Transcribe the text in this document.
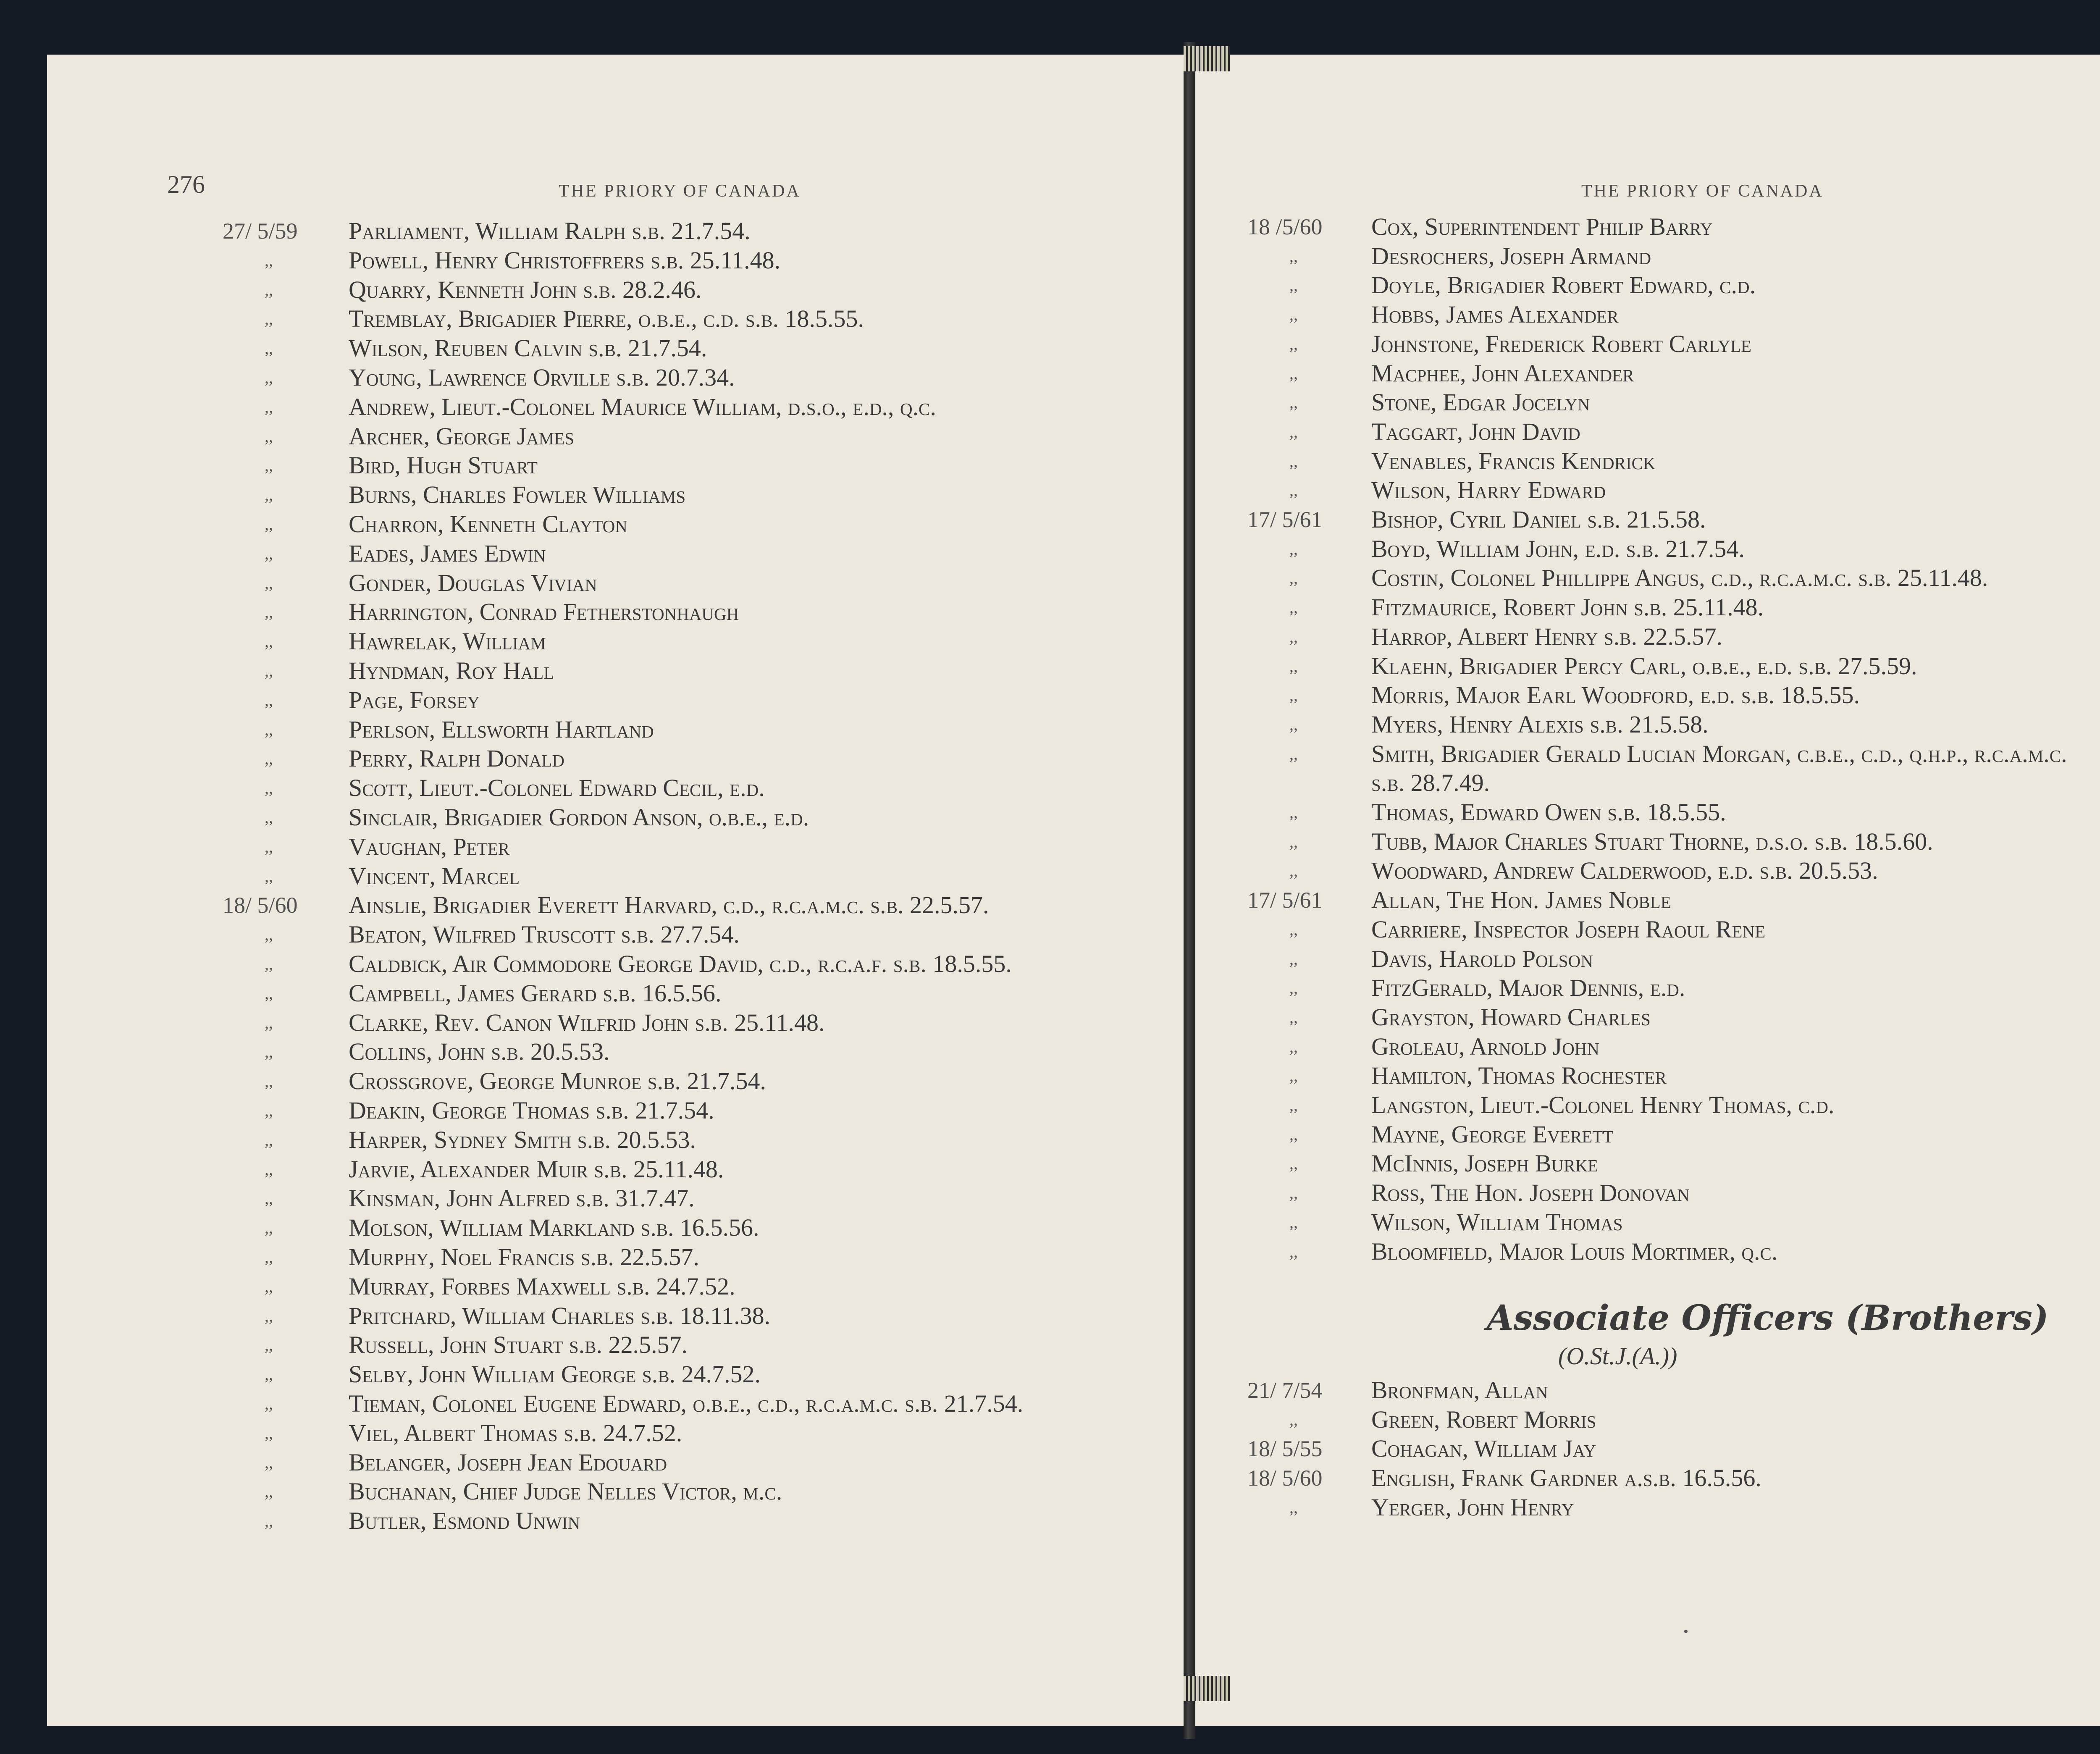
276	THE PRIORY OF CANADA	THE PRIORY OF CANADA
27/ 5/59	Parliament, William Ralph s.b. 21.7.54.
,,	Powell, Henry Christoffrers s.b. 25.11.48.
,,	Quarry, Kenneth John s.b. 28.2.46.
,,	Tremblay, Brigadier Pierre, o.b.e., c.d. s.b. 18.5.55.
,,	Wilson, Reuben Calvin s.b. 21.7.54.
,,	Young, Lawrence Orville s.b. 20.7.34.
,,	Andrew, Lieut.-Colonel Maurice William, d.s.o., e.d., q.c.
,,	Archer, George James
,,	Bird, Hugh Stuart
,,	Burns, Charles Fowler Williams
,,	Charron, Kenneth Clayton
,,	Eades, James Edwin
,,	Gonder, Douglas Vivian
,,	Harrington, Conrad Fetherstonhaugh
,,	Hawrelak, William
,,	Hyndman, Roy Hall
,,	Page, Forsey
,,	Perlson, Ellsworth Hartland
,,	Perry, Ralph Donald
,,	Scott, Lieut.-Colonel Edward Cecil, e.d.
,,	Sinclair, Brigadier Gordon Anson, o.b.e., e.d.
,,	Vaughan, Peter
,,	Vincent, Marcel
18/ 5/60	Ainslie, Brigadier Everett Harvard, c.d., r.c.a.m.c. s.b. 22.5.57.
,,	Beaton, Wilfred Truscott s.b. 27.7.54.
,,	Caldbick, Air Commodore George David, c.d., r.c.a.f. s.b. 18.5.55.
,,	Campbell, James Gerard s.b. 16.5.56.
,,	Clarke, Rev. Canon Wilfrid John s.b. 25.11.48.
,,	Collins, John s.b. 20.5.53.
,,	Crossgrove, George Munroe s.b. 21.7.54.
,,	Deakin, George Thomas s.b. 21.7.54.
,,	Harper, Sydney Smith s.b. 20.5.53.
,,	Jarvie, Alexander Muir s.b. 25.11.48.
,,	Kinsman, John Alfred s.b. 31.7.47.
,,	Molson, William Markland s.b. 16.5.56.
,,	Murphy, Noel Francis s.b. 22.5.57.
,,	Murray, Forbes Maxwell s.b. 24.7.52.
,,	Pritchard, William Charles s.b. 18.11.38.
,,	Russell, John Stuart s.b. 22.5.57.
,,	Selby, John William George s.b. 24.7.52.
,,	Tieman, Colonel Eugene Edward, o.b.e., c.d., r.c.a.m.c. s.b. 21.7.54.
,,	Viel, Albert Thomas s.b. 24.7.52.
,,	Belanger, Joseph Jean Edouard
,,	Buchanan, Chief Judge Nelles Victor, m.c.
,,	Butler, Esmond Unwin
18 /5/60	Cox, Superintendent Philip Barry
,,	Desrochers, Joseph Armand
,,	Doyle, Brigadier Robert Edward, c.d.
,,	Hobbs, James Alexander
,,	Johnstone, Frederick Robert Carlyle
,,	Macphee, John Alexander
,,	Stone, Edgar Jocelyn
,,	Taggart, John David
,,	Venables, Francis Kendrick
,,	Wilson, Harry Edward
17/ 5/61	Bishop, Cyril Daniel s.b. 21.5.58.
,,	Boyd, William John, e.d. s.b. 21.7.54.
,,	Costin, Colonel Phillippe Angus, c.d., r.c.a.m.c. s.b. 25.11.48.
,,	Fitzmaurice, Robert John s.b. 25.11.48.
,,	Harrop, Albert Henry s.b. 22.5.57.
,,	Klaehn, Brigadier Percy Carl, o.b.e., e.d. s.b. 27.5.59.
,,	Morris, Major Earl Woodford, e.d. s.b. 18.5.55.
,,	Myers, Henry Alexis s.b. 21.5.58.
,,	Smith, Brigadier Gerald Lucian Morgan, c.b.e., c.d., q.h.p., r.c.a.m.c.
s.b. 28.7.49.
,,	Thomas, Edward Owen s.b. 18.5.55.
,,	Tubb, Major Charles Stuart Thorne, d.s.o. s.b. 18.5.60.
,,	Woodward, Andrew Calderwood, e.d. s.b. 20.5.53.
17/ 5/61	Allan, The Hon. James Noble
,,	Carriere, Inspector Joseph Raoul Rene
,,	Davis, Harold Polson
,,	FitzGerald, Major Dennis, e.d.
,,	Grayston, Howard Charles
,,	Groleau, Arnold John
,,	Hamilton, Thomas Rochester
,,	Langston, Lieut.-Colonel Henry Thomas, c.d.
,,	Mayne, George Everett
,,	McInnis, Joseph Burke
,,	Ross, The Hon. Joseph Donovan
,,	Wilson, William Thomas
,,	Bloomfield, Major Louis Mortimer, q.c.
Associate Officers (Brothers)
(O.St.J.(A.))
21/ 7/54	Bronfman, Allan
,,	Green, Robert Morris
18/ 5/55	Cohagan, William Jay
18/ 5/60	English, Frank Gardner a.s.b. 16.5.56.
,,	Yerger, John Henry
